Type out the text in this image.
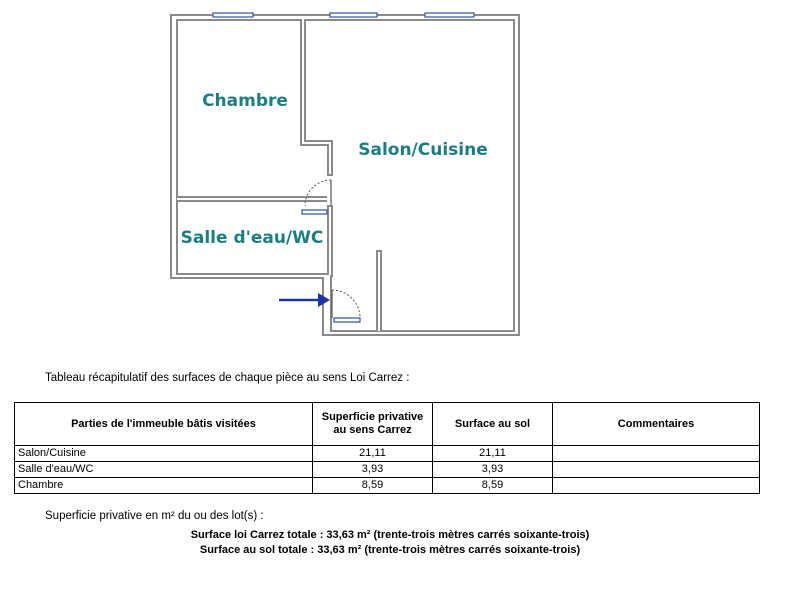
Chambre
Salon/Cuisine
Salle d'eau/WC
Tableau récapitulatif des surfaces de chaque pièce au sens Loi Carrez :
Parties de l'immeuble bâtis visitées	Superficie privative au sens Carrez	Surface au sol	Commentaires
Salon/Cuisine	21,11	21,11	
Salle d'eau/WC	3,93	3,93	
Chambre	8,59	8,59	
Superficie privative en m² du ou des lot(s) :
Surface loi Carrez totale : 33,63 m² (trente-trois mètres carrés soixante-trois)
Surface au sol totale : 33,63 m² (trente-trois mètres carrés soixante-trois)
